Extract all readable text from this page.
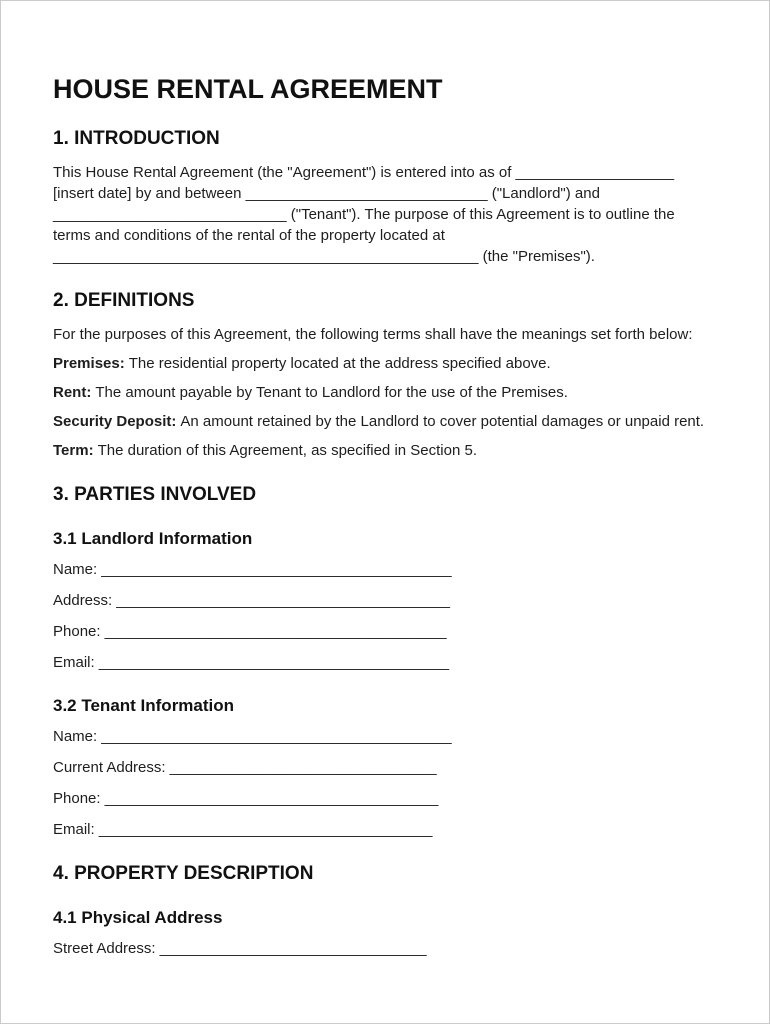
HOUSE RENTAL AGREEMENT
1. INTRODUCTION

This House Rental Agreement (the "Agreement") is entered into as of ___________________ [insert date] by and between _____________________________ ("Landlord") and ____________________________ ("Tenant"). The purpose of this Agreement is to outline the terms and conditions of the rental of the property located at ___________________________________________________ (the "Premises").

2. DEFINITIONS

For the purposes of this Agreement, the following terms shall have the meanings set forth below:

Premises: The residential property located at the address specified above.

Rent: The amount payable by Tenant to Landlord for the use of the Premises.

Security Deposit: An amount retained by the Landlord to cover potential damages or unpaid rent.

Term: The duration of this Agreement, as specified in Section 5.

3. PARTIES INVOLVED
3.1 Landlord Information

Name: __________________________________________

Address: ________________________________________

Phone: _________________________________________

Email: __________________________________________

3.2 Tenant Information

Name: __________________________________________

Current Address: ________________________________

Phone: ________________________________________

Email: ________________________________________

4. PROPERTY DESCRIPTION
4.1 Physical Address

Street Address: ________________________________
